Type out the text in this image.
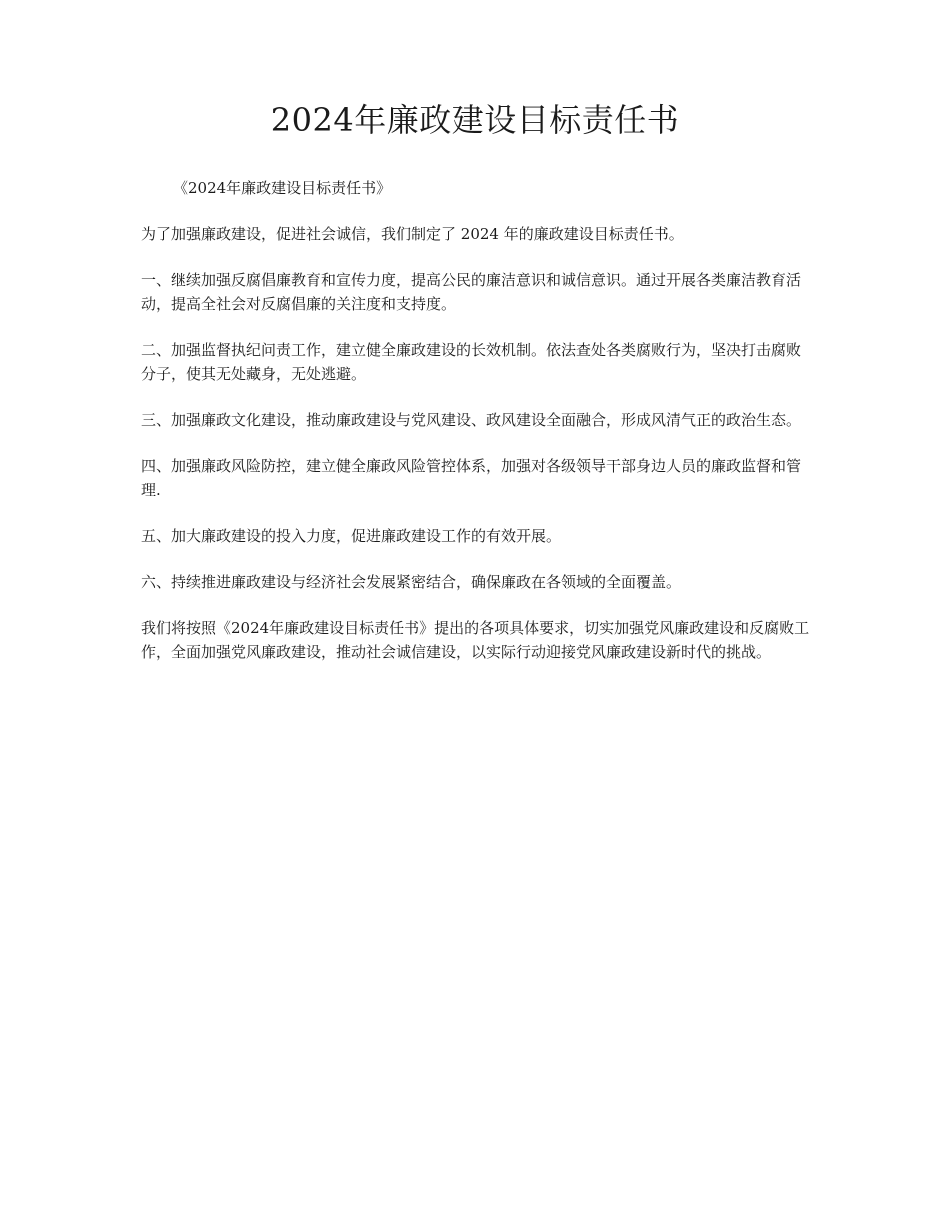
2024年廉政建设目标责任书

《2024年廉政建设目标责任书》

为了加强廉政建设，促进社会诚信，我们制定了 2024 年的廉政建设目标责任书。

一、继续加强反腐倡廉教育和宣传力度，提高公民的廉洁意识和诚信意识。通过开展各类廉洁教育活动，提高全社会对反腐倡廉的关注度和支持度。

二、加强监督执纪问责工作，建立健全廉政建设的长效机制。依法查处各类腐败行为，坚决打击腐败分子，使其无处藏身，无处逃避。

三、加强廉政文化建设，推动廉政建设与党风建设、政风建设全面融合，形成风清气正的政治生态。

四、加强廉政风险防控，建立健全廉政风险管控体系，加强对各级领导干部身边人员的廉政监督和管理.

五、加大廉政建设的投入力度，促进廉政建设工作的有效开展。

六、持续推进廉政建设与经济社会发展紧密结合，确保廉政在各领域的全面覆盖。

我们将按照《2024年廉政建设目标责任书》提出的各项具体要求，切实加强党风廉政建设和反腐败工作，全面加强党风廉政建设，推动社会诚信建设，以实际行动迎接党风廉政建设新时代的挑战。
